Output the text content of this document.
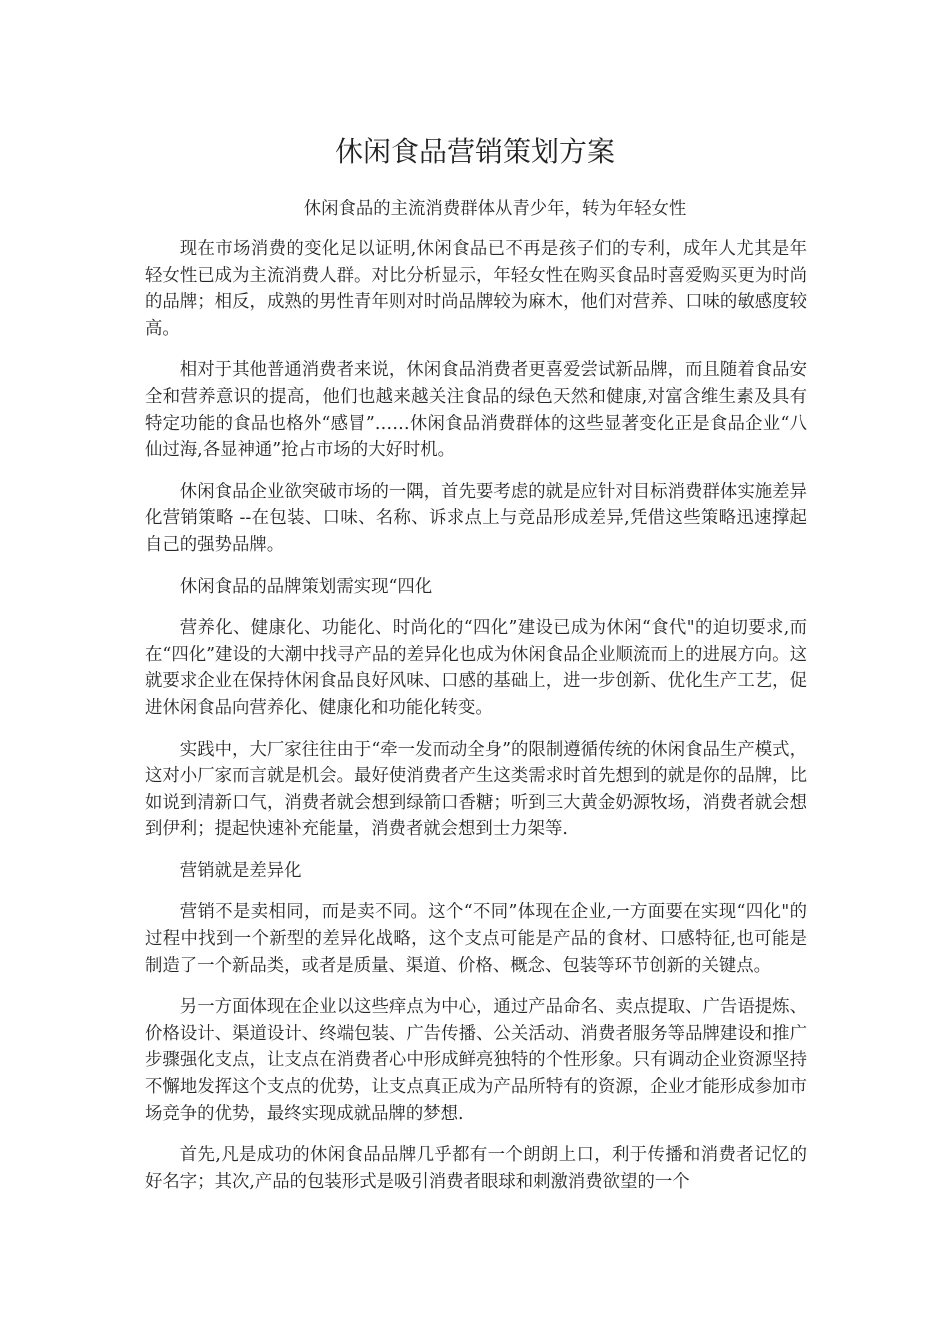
休闲食品营销策划方案

休闲食品的主流消费群体从青少年，转为年轻女性

现在市场消费的变化足以证明,休闲食品已不再是孩子们的专利，成年人尤其是年轻女性已成为主流消费人群。对比分析显示，年轻女性在购买食品时喜爱购买更为时尚的品牌；相反，成熟的男性青年则对时尚品牌较为麻木，他们对营养、口味的敏感度较高。

相对于其他普通消费者来说，休闲食品消费者更喜爱尝试新品牌，而且随着食品安全和营养意识的提高，他们也越来越关注食品的绿色天然和健康,对富含维生素及具有特定功能的食品也格外“感冒”……休闲食品消费群体的这些显著变化正是食品企业“八仙过海,各显神通”抢占市场的大好时机。

休闲食品企业欲突破市场的一隅，首先要考虑的就是应针对目标消费群体实施差异化营销策略 --在包装、口味、名称、诉求点上与竞品形成差异,凭借这些策略迅速撑起自己的强势品牌。

休闲食品的品牌策划需实现“四化

营养化、健康化、功能化、时尚化的“四化”建设已成为休闲“食代"的迫切要求,而在“四化”建设的大潮中找寻产品的差异化也成为休闲食品企业顺流而上的进展方向。这就要求企业在保持休闲食品良好风味、口感的基础上，进一步创新、优化生产工艺，促进休闲食品向营养化、健康化和功能化转变。

实践中，大厂家往往由于“牵一发而动全身”的限制遵循传统的休闲食品生产模式，这对小厂家而言就是机会。最好使消费者产生这类需求时首先想到的就是你的品牌，比如说到清新口气，消费者就会想到绿箭口香糖；听到三大黄金奶源牧场，消费者就会想到伊利；提起快速补充能量，消费者就会想到士力架等.

营销就是差异化

营销不是卖相同，而是卖不同。这个“不同”体现在企业,一方面要在实现“四化"的过程中找到一个新型的差异化战略，这个支点可能是产品的食材、口感特征,也可能是制造了一个新品类，或者是质量、渠道、价格、概念、包装等环节创新的关键点。

另一方面体现在企业以这些痒点为中心，通过产品命名、卖点提取、广告语提炼、价格设计、渠道设计、终端包装、广告传播、公关活动、消费者服务等品牌建设和推广步骤强化支点，让支点在消费者心中形成鲜亮独特的个性形象。只有调动企业资源坚持不懈地发挥这个支点的优势，让支点真正成为产品所特有的资源，企业才能形成参加市场竞争的优势，最终实现成就品牌的梦想.

首先,凡是成功的休闲食品品牌几乎都有一个朗朗上口，利于传播和消费者记忆的好名字；其次,产品的包装形式是吸引消费者眼球和刺激消费欲望的一个
